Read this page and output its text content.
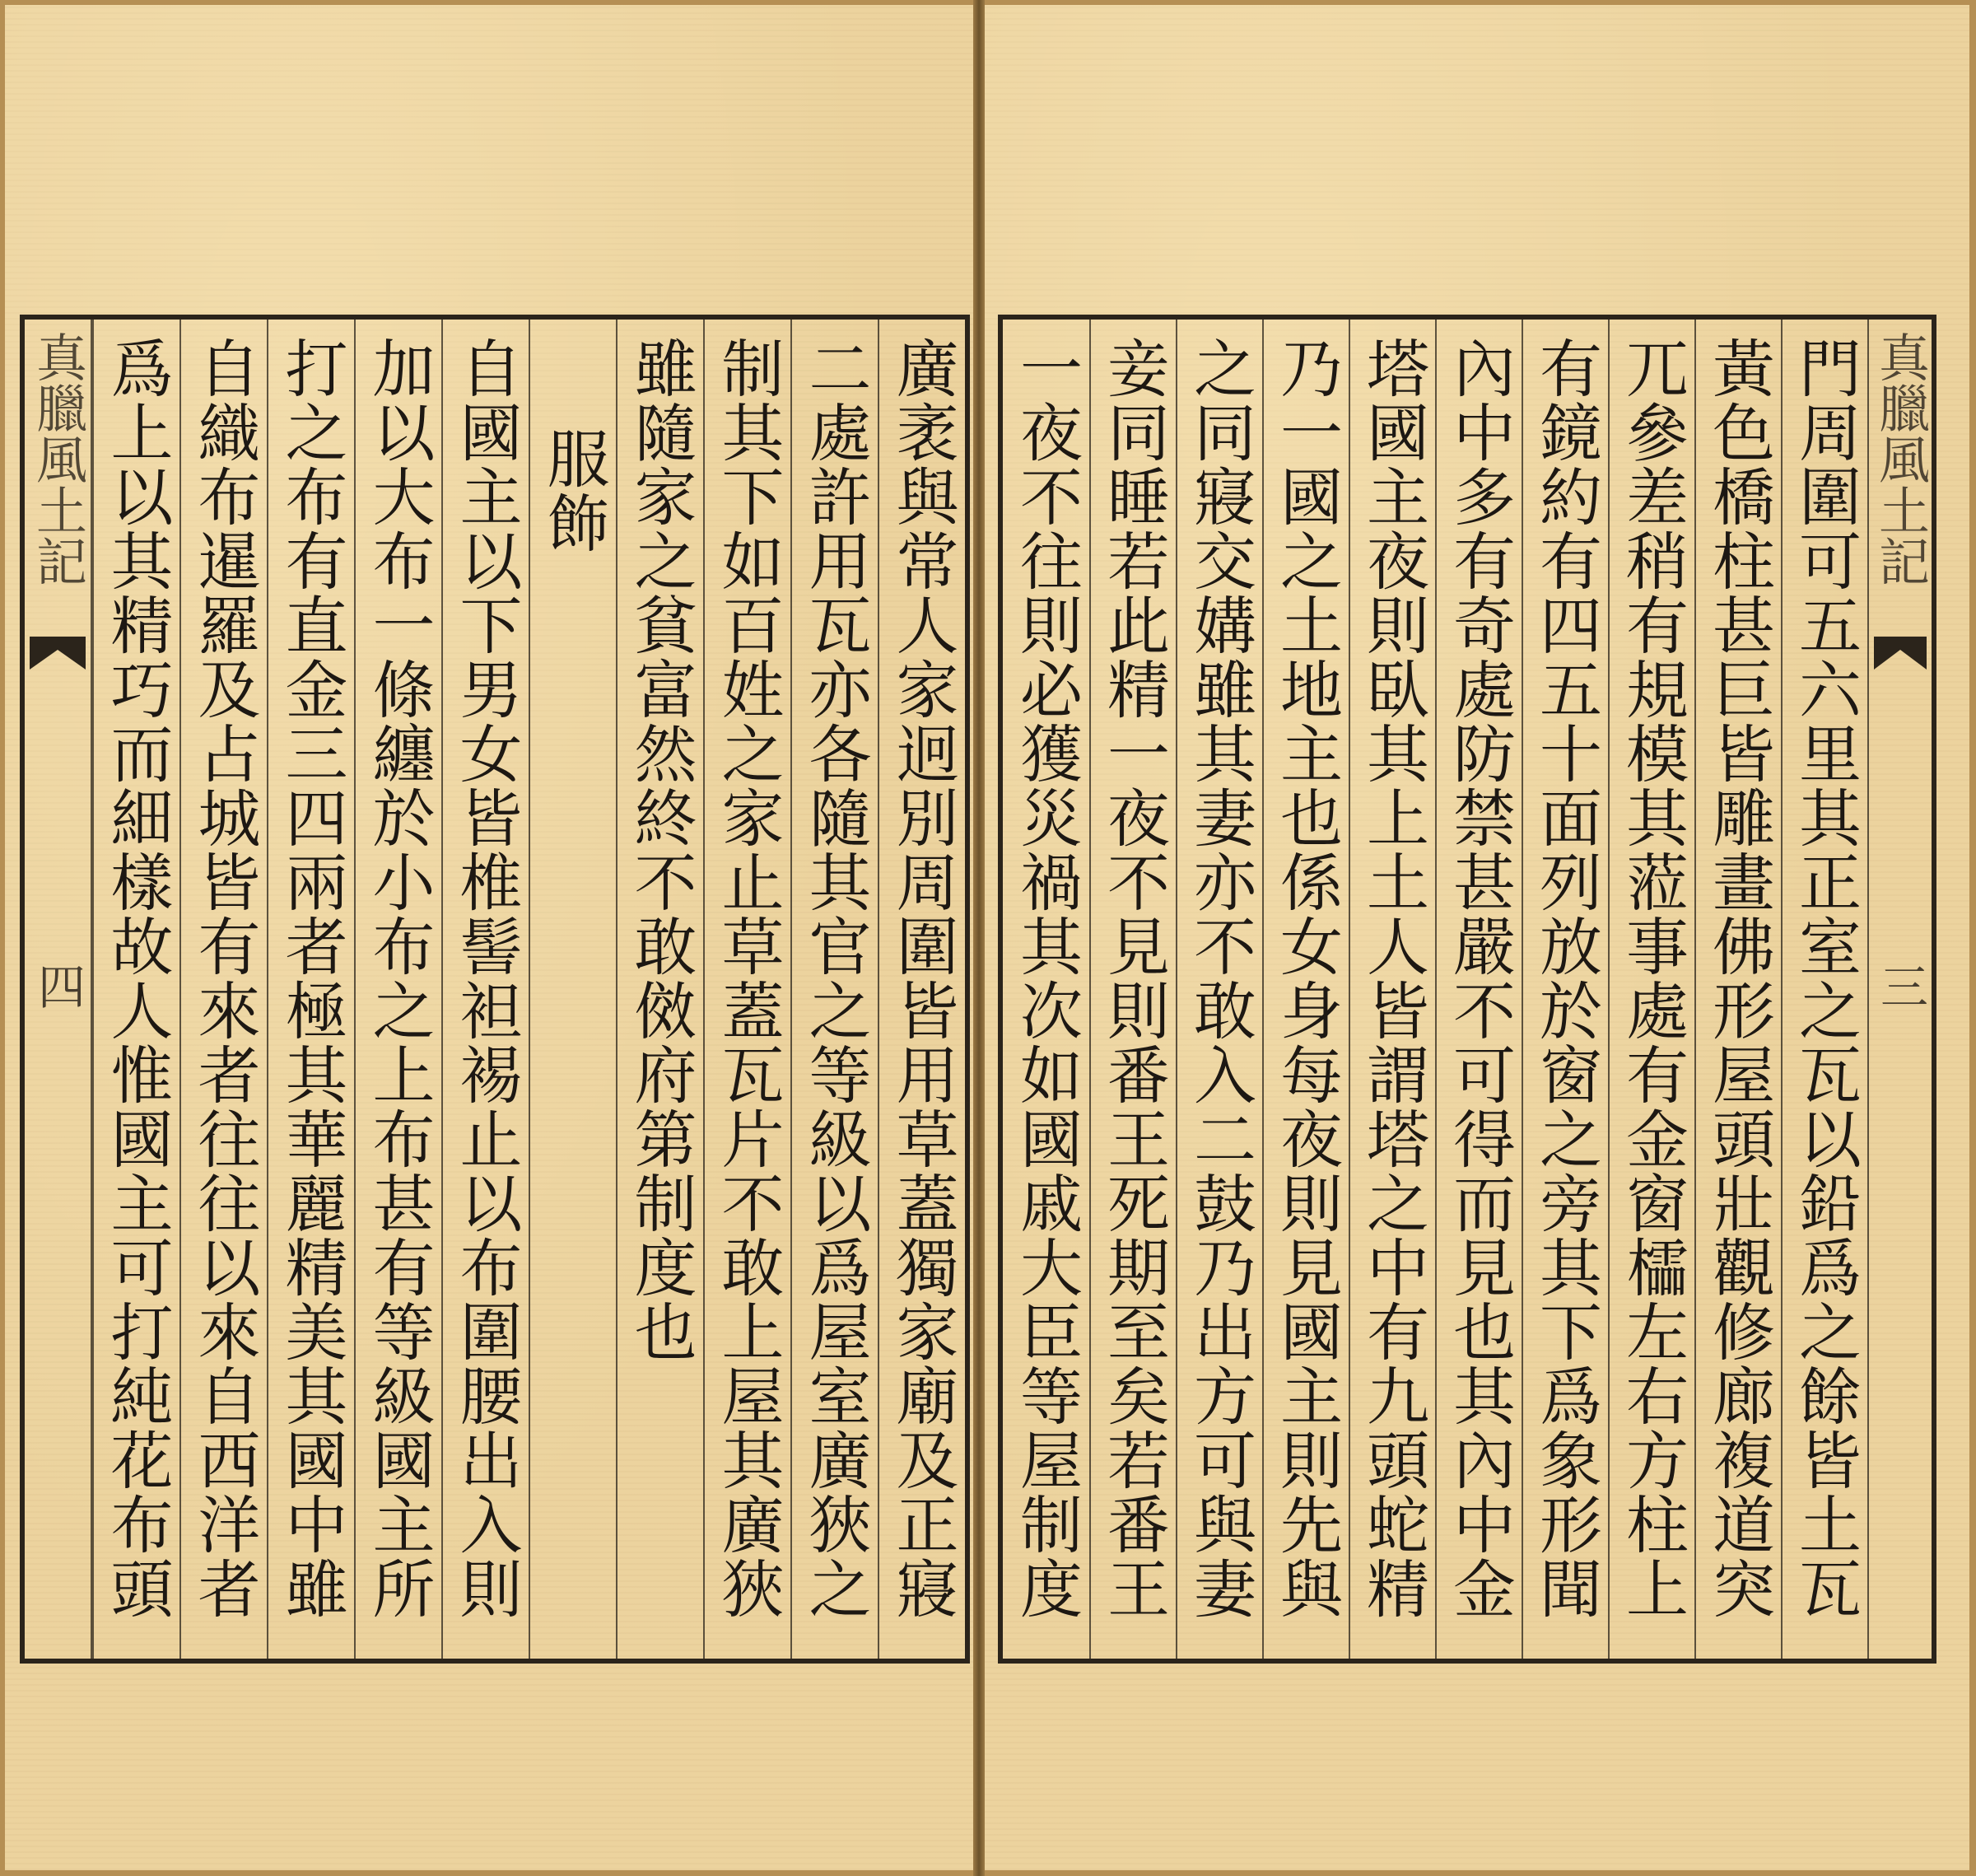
真臘風土記
三
門周圍可五六里其正室之瓦以鉛爲之餘皆土瓦
黃色橋柱甚巨皆雕畫佛形屋頭壯觀修廊複道突
兀參差稍有規模其蒞事處有金窗櫺左右方柱上
有鏡約有四五十面列放於窗之旁其下爲象形聞
內中多有奇處防禁甚嚴不可得而見也其內中金
塔國主夜則臥其上土人皆謂塔之中有九頭蛇精
乃一國之土地主也係女身每夜則見國主則先與
之同寢交媾雖其妻亦不敢入二鼓乃出方可與妻
妾同睡若此精一夜不見則番王死期至矣若番王
一夜不往則必獲災禍其次如國戚大臣等屋制度
廣袤與常人家迥別周圍皆用草蓋獨家廟及正寢
二處許用瓦亦各隨其官之等級以爲屋室廣狹之
制其下如百姓之家止草蓋瓦片不敢上屋其廣狹
雖隨家之貧富然終不敢傚府第制度也
服飾
自國主以下男女皆椎髻袒裼止以布圍腰出入則
加以大布一條纏於小布之上布甚有等級國主所
打之布有直金三四兩者極其華麗精美其國中雖
自織布暹羅及占城皆有來者往往以來自西洋者
爲上以其精巧而細樣故人惟國主可打純花布頭
真臘風土記
四
